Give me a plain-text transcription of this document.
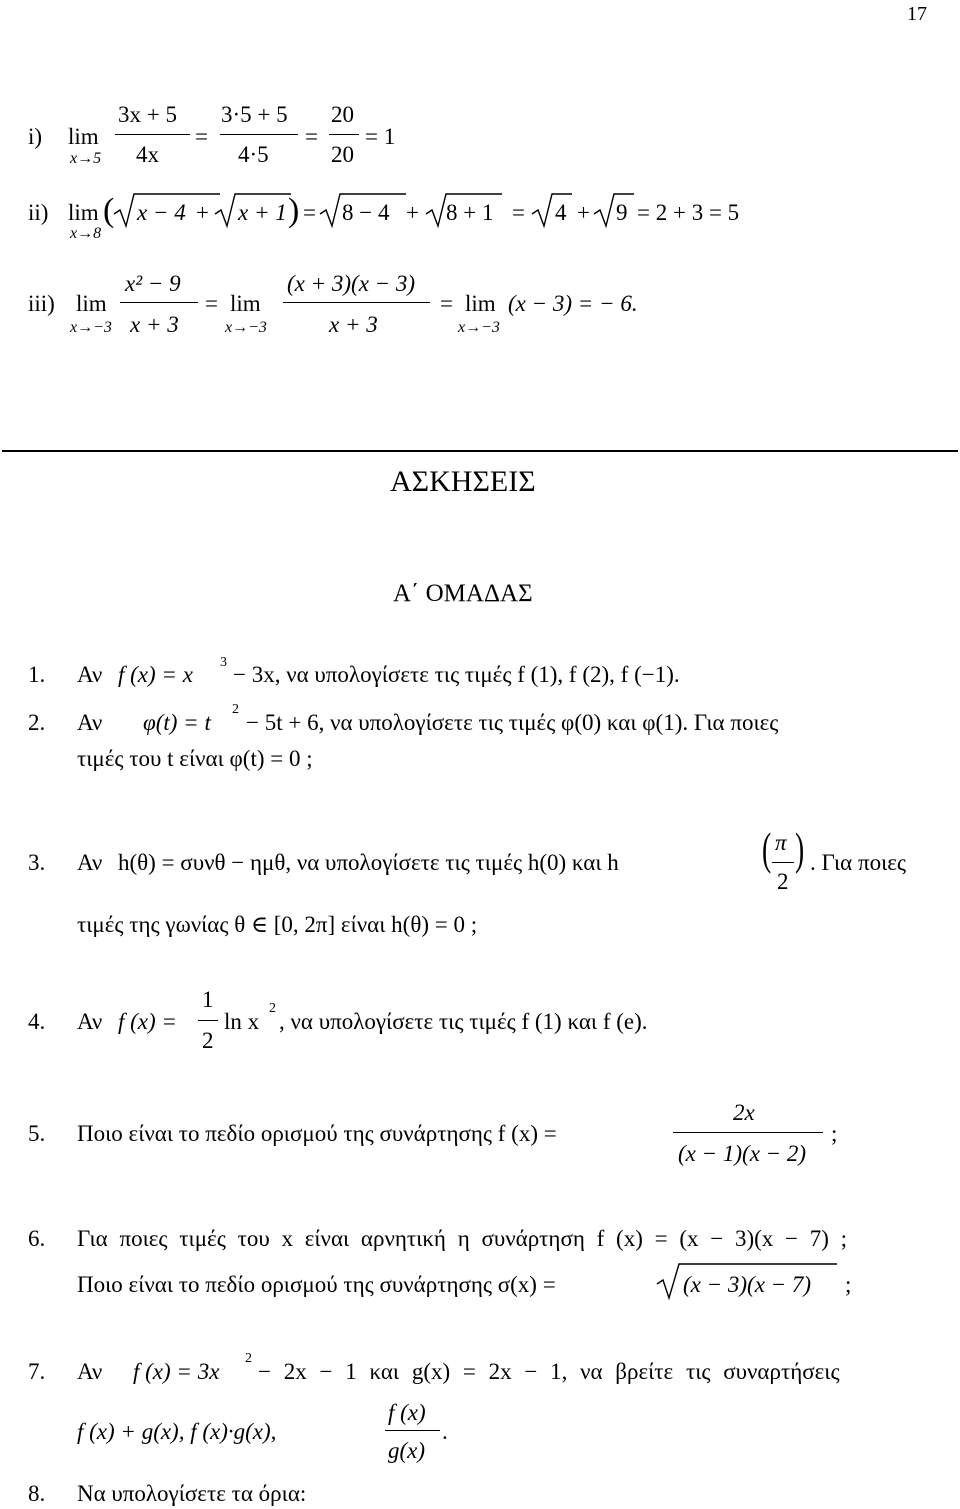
17
i) lim
x→5
3x + 5
4x
=
3·5 + 5
4·5
=
20
20
= 1
ii) lim
x→8
( x − 4 + x + 1 ) = 8 − 4 + 8 + 1 = 4 + 9 = 2 + 3 = 5
iii) lim
x→−3
x² − 9
x + 3
= lim
x→−3
(x + 3)(x − 3)
x + 3
= lim
x→−3
(x − 3) = − 6.
ΑΣΚΗΣΕΙΣ
Α΄ ΟΜΑΔΑΣ
1. Αν f (x) = x 3 − 3x, να υπολογίσετε τις τιμές f (1), f (2), f (−1).
2. Αν φ(t) = t
2
− 5t + 6, να υπολογίσετε τις τιμές φ(0) και φ(1). Για ποιες
τιμές του t είναι φ(t) = 0 ;
3. Αν h(θ) = συνθ − ημθ, να υπολογίσετε τις τιμές h(0) και h	( π
2
) . Για ποιες
τιμές της γωνίας θ ∈ [0, 2π] είναι h(θ) = 0 ;
4. Αν f (x) =
1
2
ln x
2
, να υπολογίσετε τις τιμές f (1) και f (e).
5. Ποιο είναι το πεδίο ορισμού της συνάρτησης f (x) =
2x
(x − 1)(x − 2)
;
6. Για ποιες τιμές του x είναι αρνητική η συνάρτηση f (x) = (x − 3)(x − 7) ;
Ποιο είναι το πεδίο ορισμού της συνάρτησης σ(x) =	(x − 3)(x − 7) ;
7. Αν f (x) = 3x
2
− 2x − 1 και g(x) = 2x − 1, να βρείτε τις συναρτήσεις
f (x) + g(x), f (x)·g(x),
f (x)
g(x)
.
8. Να υπολογίσετε τα όρια:
